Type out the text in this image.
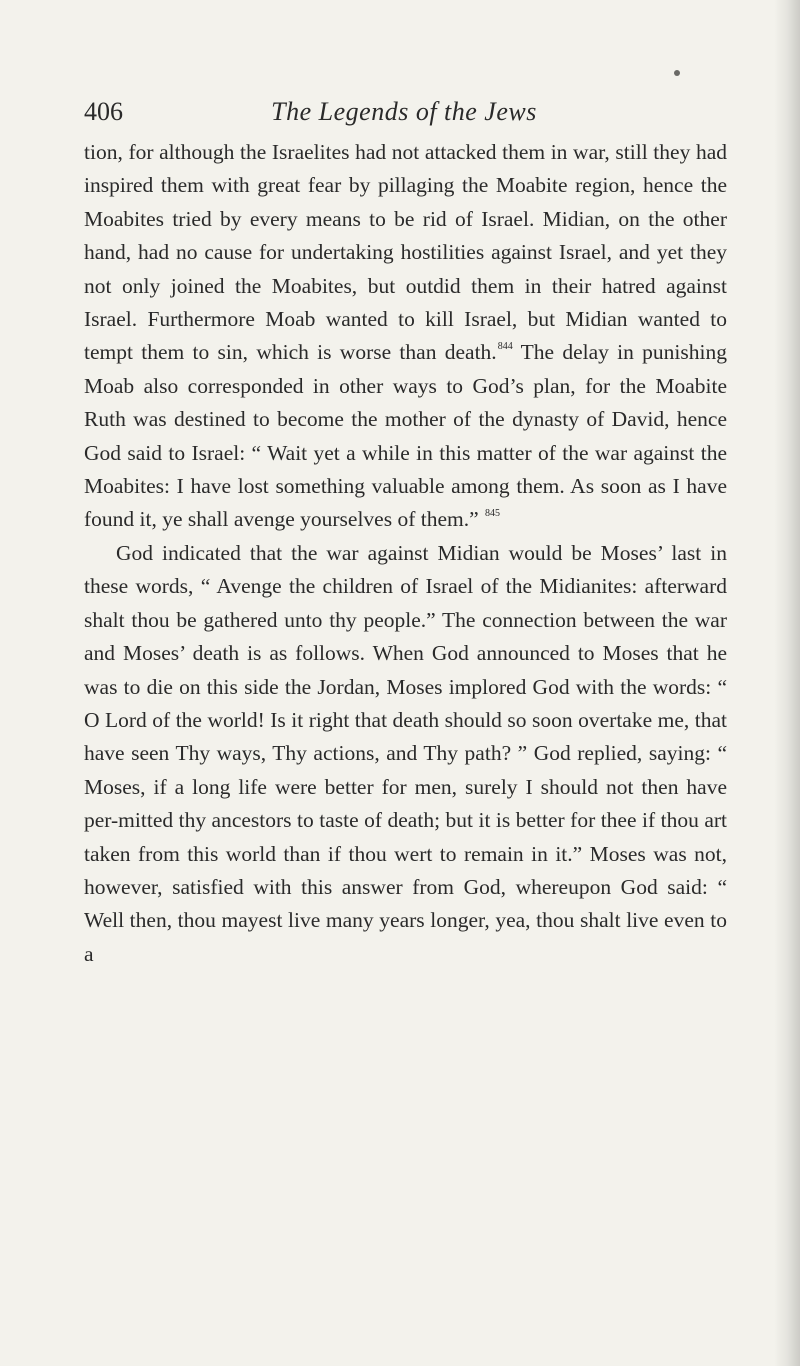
406	The Legends of the Jews

tion, for although the Israelites had not attacked them in war, still they had inspired them with great fear by pillaging the Moabite region, hence the Moabites tried by every means to be rid of Israel. Midian, on the other hand, had no cause for undertaking hostilities against Israel, and yet they not only joined the Moabites, but outdid them in their hatred against Israel. Furthermore Moab wanted to kill Israel, but Midian wanted to tempt them to sin, which is worse than death.$^{844}$ The delay in punishing Moab also corresponded in other ways to God’s plan, for the Moabite Ruth was destined to become the mother of the dynasty of David, hence God said to Israel: “ Wait yet a while in this matter of the war against the Moabites: I have lost something valuable among them. As soon as I have found it, ye shall avenge yourselves of them.” $^{845}$

God indicated that the war against Midian would be Moses’ last in these words, “ Avenge the children of Israel of the Midianites: afterward shalt thou be gathered unto thy people.” The connection between the war and Moses’ death is as follows. When God announced to Moses that he was to die on this side the Jordan, Moses implored God with the words: “ O Lord of the world! Is it right that death should so soon overtake me, that have seen Thy ways, Thy actions, and Thy path? ” God replied, saying: “ Moses, if a long life were better for men, surely I should not then have per-mitted thy ancestors to taste of death; but it is better for thee if thou art taken from this world than if thou wert to remain in it.” Moses was not, however, satisfied with this answer from God, whereupon God said: “ Well then, thou mayest live many years longer, yea, thou shalt live even to a
